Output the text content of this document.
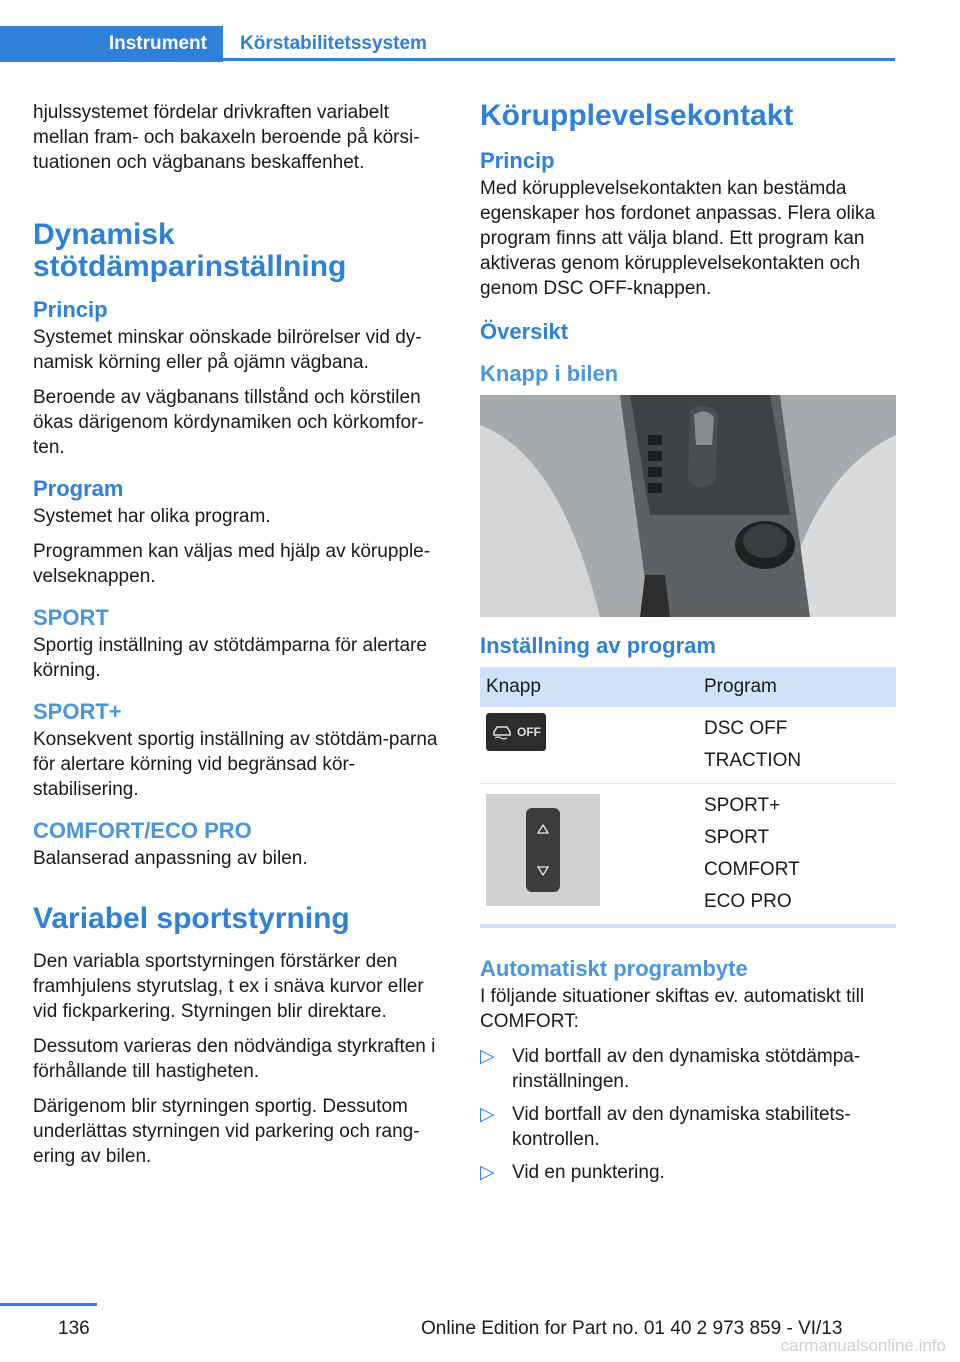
Instrument	Körstabilitetssystem

hjulssystemet fördelar drivkraften variabelt mellan fram- och bakaxeln beroende på körsi-tuationen och vägbanans beskaffenhet.

Dynamisk stötdämparinställning
Princip

Systemet minskar oönskade bilrörelser vid dy-namisk körning eller på ojämn vägbana.

Beroende av vägbanans tillstånd och körstilen ökas därigenom kördynamiken och körkomfor-ten.

Program

Systemet har olika program.

Programmen kan väljas med hjälp av körupple-velseknappen.

SPORT

Sportig inställning av stötdämparna för alertare körning.

SPORT+

Konsekvent sportig inställning av stötdäm-parna för alertare körning vid begränsad kör-stabilisering.

COMFORT/ECO PRO

Balanserad anpassning av bilen.

Variabel sportstyrning

Den variabla sportstyrningen förstärker den framhjulens styrutslag, t ex i snäva kurvor eller vid fickparkering. Styrningen blir direktare.

Dessutom varieras den nödvändiga styrkraften i förhållande till hastigheten.

Därigenom blir styrningen sportig. Dessutom underlättas styrningen vid parkering och rang-ering av bilen.

Körupplevelsekontakt
Princip

Med körupplevelsekontakten kan bestämda egenskaper hos fordonet anpassas. Flera olika program finns att välja bland. Ett program kan aktiveras genom körupplevelsekontakten och genom DSC OFF-knappen.

Översikt
Knapp i bilen
Inställning av program
Knapp	Program

OFF	DSC OFF
TRACTION

SPORT+
SPORT
COMFORT
ECO PRO
Automatiskt programbyte

I följande situationer skiftas ev. automatiskt till COMFORT:

▷ Vid bortfall av den dynamiska stötdämpa-rinställningen.
▷ Vid bortfall av den dynamiska stabilitets-kontrollen.
▷ Vid en punktering.
136	Online Edition for Part no. 01 40 2 973 859 - VI/13
carmanualsonline.info
